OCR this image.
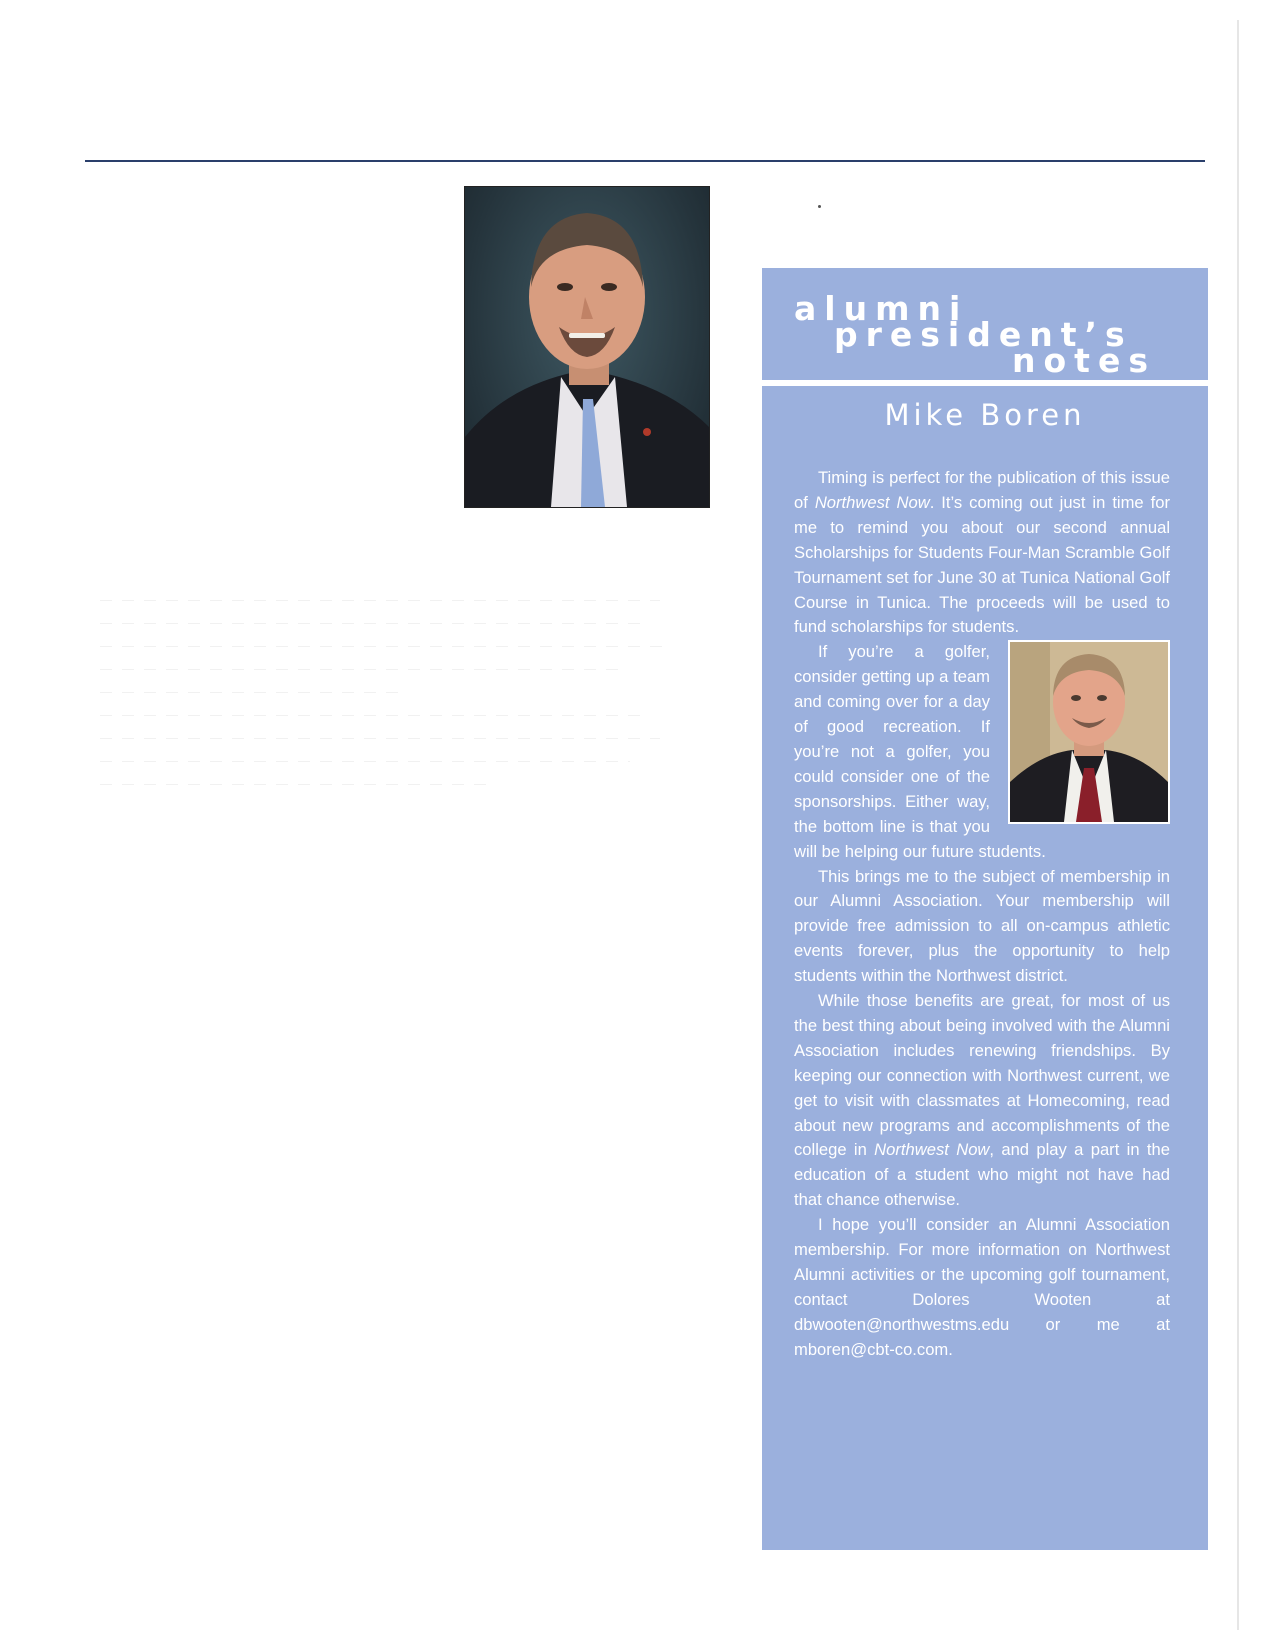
alumni
president’s
notes
Mike Boren

Timing is perfect for the publication of this issue of Northwest Now. It’s coming out just in time for me to remind you about our second annual Scholarships for Students Four-Man Scramble Golf Tournament set for June 30 at Tunica National Golf Course in Tunica. The proceeds will be used to fund scholarships for students.

If you’re a golfer, consider getting up a team and coming over for a day of good recreation. If you’re not a golfer, you could consider one of the sponsorships. Either way, the bottom line is that you will be helping our future students.

This brings me to the subject of membership in our Alumni Association. Your membership will provide free admission to all on-campus athletic events forever, plus the opportunity to help students within the Northwest district.

While those benefits are great, for most of us the best thing about being involved with the Alumni Association includes renewing friendships. By keeping our connection with Northwest current, we get to visit with classmates at Homecoming, read about new programs and accomplishments of the college in Northwest Now, and play a part in the education of a student who might not have had that chance otherwise.

I hope you’ll consider an Alumni Association membership. For more information on Northwest Alumni activities or the upcoming golf tournament, contact Dolores Wooten at dbwooten@northwestms.edu or me at mboren@cbt-co.com.
